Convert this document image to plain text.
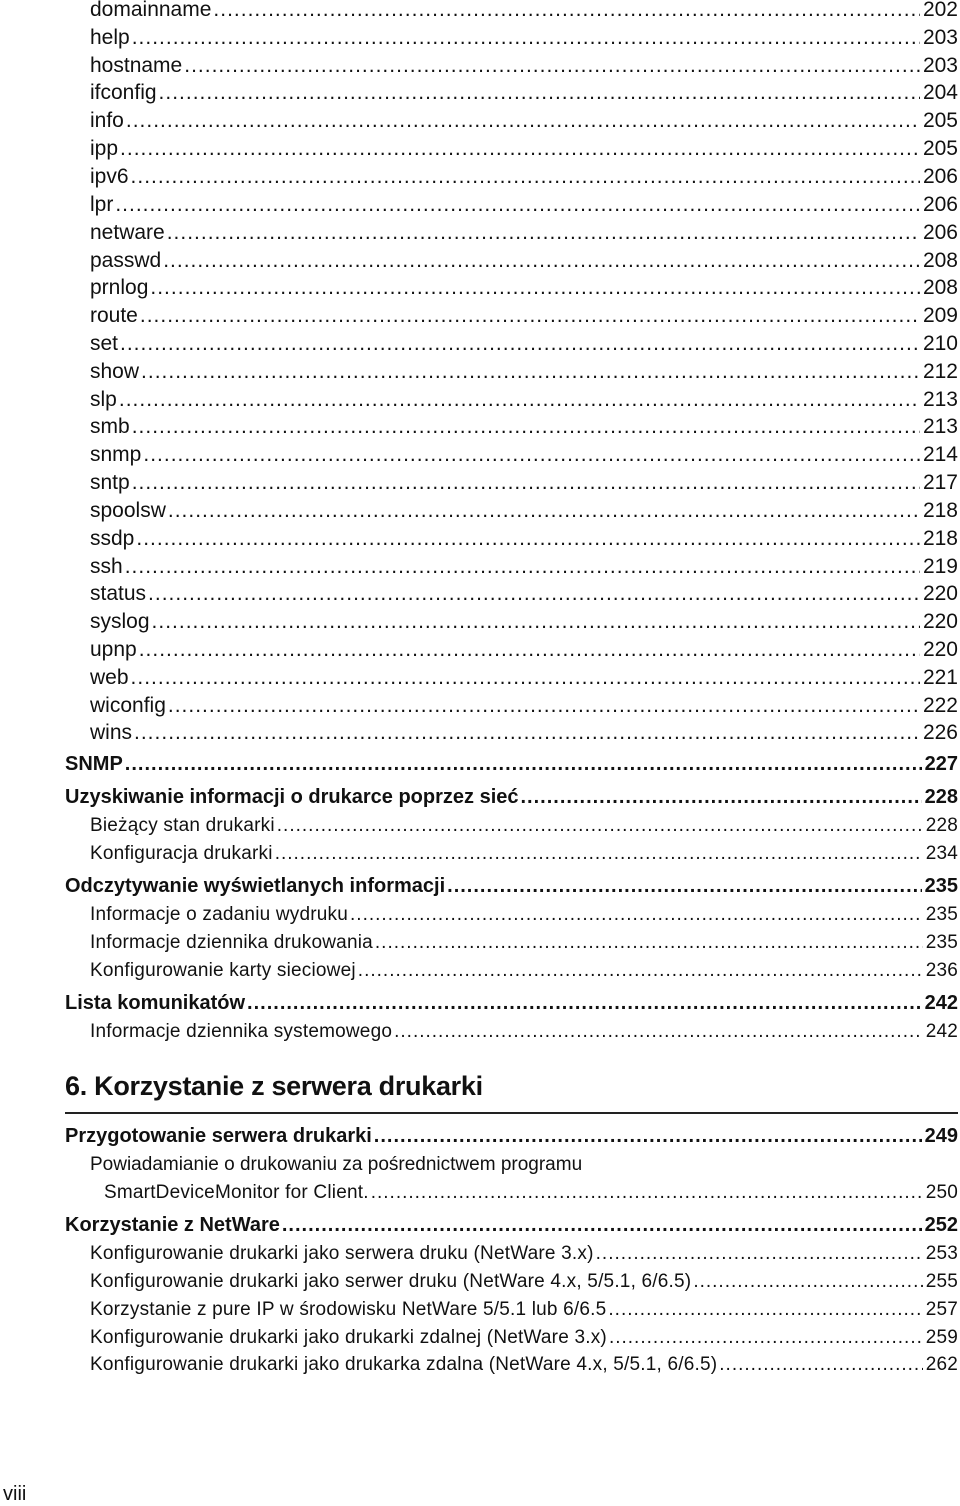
domainname .....	202
help .....	203
hostname .....	203
ifconfig .....	204
info .....	205
ipp .....	205
ipv6 .....	206
lpr .....	206
netware .....	206
passwd .....	208
prnlog .....	208
route .....	209
set .....	210
show .....	212
slp .....	213
smb .....	213
snmp .....	214
sntp .....	217
spoolsw .....	218
ssdp .....	218
ssh .....	219
status .....	220
syslog .....	220
upnp .....	220
web .....	221
wiconfig .....	222
wins .....	226
SNMP .....	227
Uzyskiwanie informacji o drukarce poprzez sieć .....	228
Bieżący stan drukarki .....	228
Konfiguracja drukarki .....	234
Odczytywanie wyświetlanych informacji .....	235
Informacje o zadaniu wydruku .....	235
Informacje dziennika drukowania .....	235
Konfigurowanie karty sieciowej .....	236
Lista komunikatów .....	242
Informacje dziennika systemowego .....	242
6. Korzystanie z serwera drukarki
Przygotowanie serwera drukarki .....	249
Powiadamianie o drukowaniu za pośrednictwem programu
SmartDeviceMonitor for Client. .....	250
Korzystanie z NetWare .....	252
Konfigurowanie drukarki jako serwera druku (NetWare 3.x) .....	253
Konfigurowanie drukarki jako serwer druku (NetWare 4.x, 5/5.1, 6/6.5) .....	255
Korzystanie z pure IP w środowisku NetWare 5/5.1 lub 6/6.5 .....	257
Konfigurowanie drukarki jako drukarki zdalnej (NetWare 3.x) .....	259
Konfigurowanie drukarki jako drukarka zdalna (NetWare 4.x, 5/5.1, 6/6.5) .....	262
viii
